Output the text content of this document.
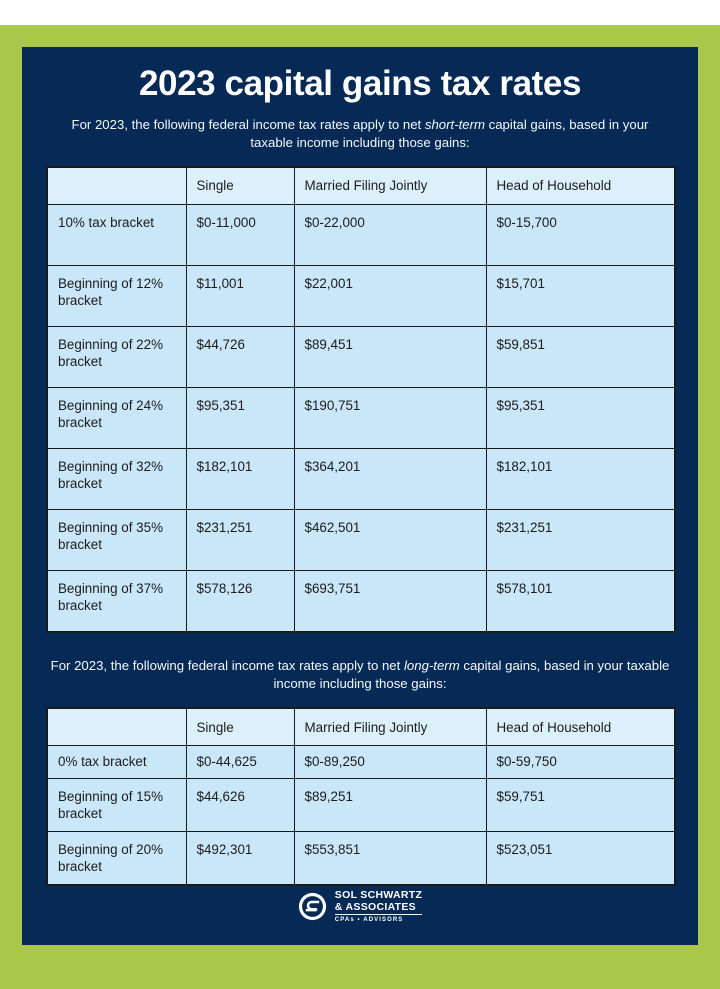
2023 capital gains tax rates

For 2023, the following federal income tax rates apply to net short-term capital gains, based in your taxable income including those gains:

	Single	Married Filing Jointly	Head of Household
10% tax bracket	$0-11,000	$0-22,000	$0-15,700
Beginning of 12% bracket	$11,001	$22,001	$15,701
Beginning of 22% bracket	$44,726	$89,451	$59,851
Beginning of 24% bracket	$95,351	$190,751	$95,351
Beginning of 32% bracket	$182,101	$364,201	$182,101
Beginning of 35% bracket	$231,251	$462,501	$231,251
Beginning of 37% bracket	$578,126	$693,751	$578,101

For 2023, the following federal income tax rates apply to net long-term capital gains, based in your taxable income including those gains:

	Single	Married Filing Jointly	Head of Household
0% tax bracket	$0-44,625	$0-89,250	$0-59,750
Beginning of 15% bracket	$44,626	$89,251	$59,751
Beginning of 20% bracket	$492,301	$553,851	$523,051
SOL SCHWARTZ
& ASSOCIATES
CPAs • ADVISORS
